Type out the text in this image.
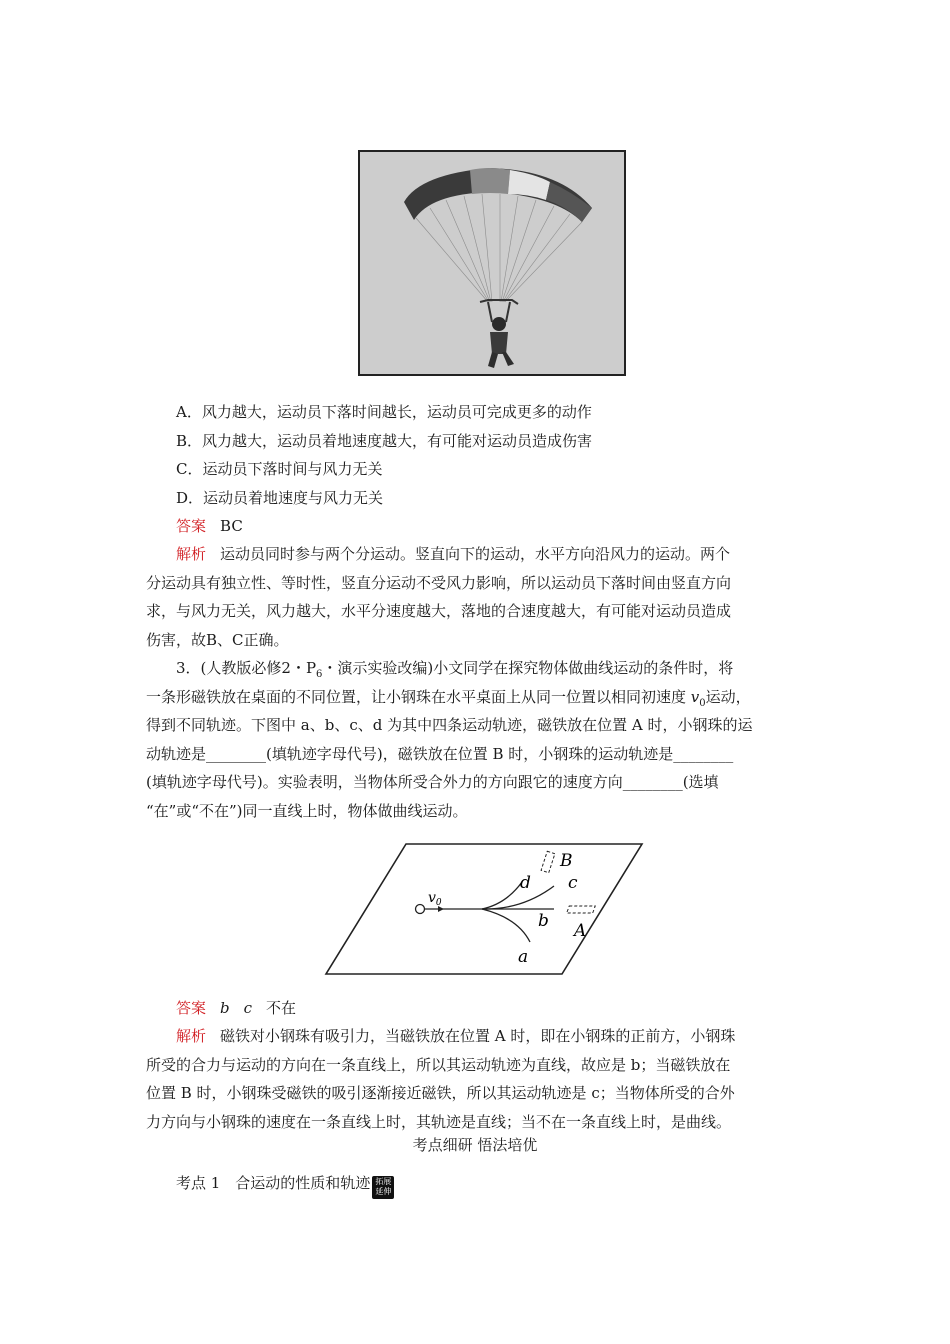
A．风力越大，运动员下落时间越长，运动员可完成更多的动作
B．风力越大，运动员着地速度越大，有可能对运动员造成伤害
C．运动员下落时间与风力无关
D．运动员着地速度与风力无关
答案 BC
解析 运动员同时参与两个分运动。竖直向下的运动，水平方向沿风力的运动。两个
分运动具有独立性、等时性，竖直分运动不受风力影响，所以运动员下落时间由竖直方向
求，与风力无关，风力越大，水平分速度越大，落地的合速度越大，有可能对运动员造成
伤害，故B、C正确。
3．(人教版必修2・$P_6$・演示实验改编)小文同学在探究物体做曲线运动的条件时，将
一条形磁铁放在桌面的不同位置，让小钢珠在水平桌面上从同一位置以相同初速度 $v_0$运动，
得到不同轨迹。下图中 a、b、c、d 为其中四条运动轨迹，磁铁放在位置 A 时，小钢珠的运
动轨迹是________(填轨迹字母代号)，磁铁放在位置 B 时，小钢珠的运动轨迹是________
(填轨迹字母代号)。实验表明，当物体所受合外力的方向跟它的速度方向________(选填
“在”或“不在”)同一直线上时，物体做曲线运动。
$v_0$
a
b
c
d
A
B
答案 b c 不在
解析 磁铁对小钢珠有吸引力，当磁铁放在位置 A 时，即在小钢珠的正前方，小钢珠
所受的合力与运动的方向在一条直线上，所以其运动轨迹为直线，故应是 b；当磁铁放在
位置 B 时，小钢珠受磁铁的吸引逐渐接近磁铁，所以其运动轨迹是 c；当物体所受的合外
力方向与小钢珠的速度在一条直线上时，其轨迹是直线；当不在一条直线上时，是曲线。
考点细研 悟法培优
考点 1　合运动的性质和轨迹 拓展
延伸
